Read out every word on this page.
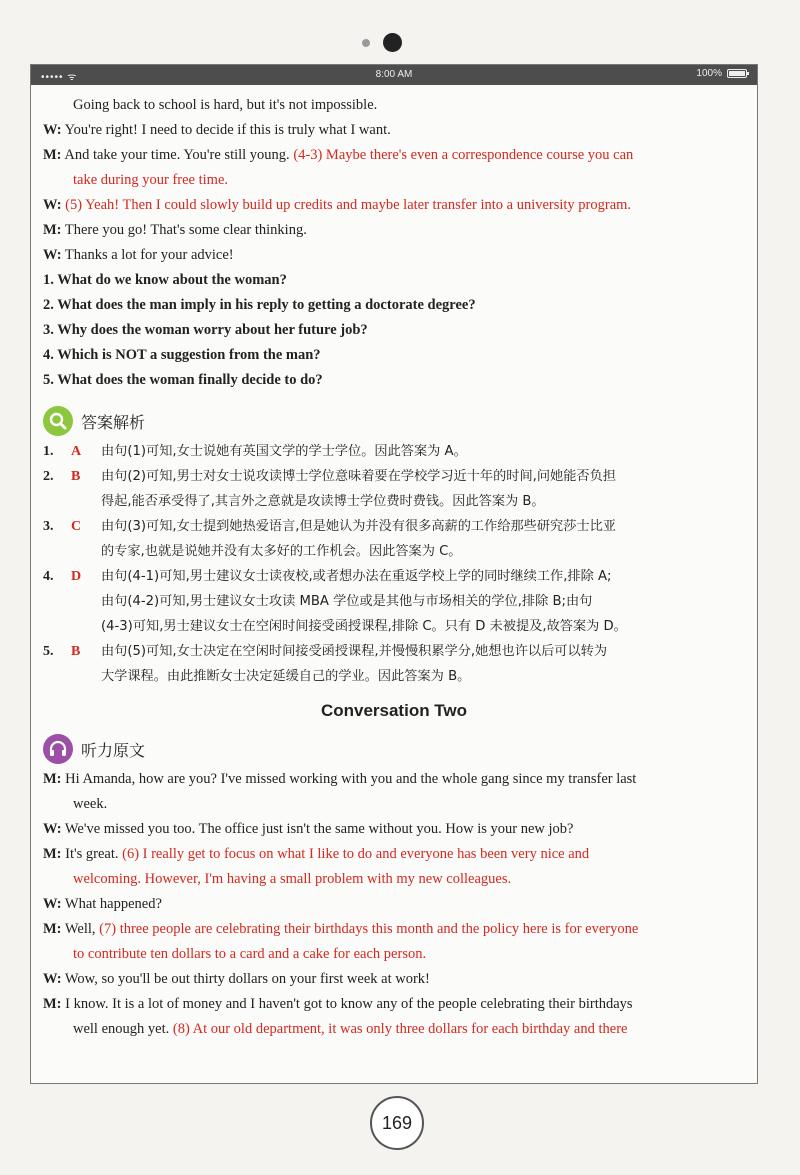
••••• ᯤ	8:00 AM	100%
Going back to school is hard, but it's not impossible.
W: You're right! I need to decide if this is truly what I want.
M: And take your time. You're still young. (4-3) Maybe there's even a correspondence course you can
take during your free time.
W: (5) Yeah! Then I could slowly build up credits and maybe later transfer into a university program.
M: There you go! That's some clear thinking.
W: Thanks a lot for your advice!
1. What do we know about the woman?
2. What does the man imply in his reply to getting a doctorate degree?
3. Why does the woman worry about her future job?
4. Which is NOT a suggestion from the man?
5. What does the woman finally decide to do?
答案解析
1.	A	由句(1)可知,女士说她有英国文学的学士学位。因此答案为 A。
2.	B	由句(2)可知,男士对女士说攻读博士学位意味着要在学校学习近十年的时间,问她能否负担
得起,能否承受得了,其言外之意就是攻读博士学位费时费钱。因此答案为 B。
3.	C	由句(3)可知,女士提到她热爱语言,但是她认为并没有很多高薪的工作给那些研究莎士比亚
的专家,也就是说她并没有太多好的工作机会。因此答案为 C。
4.	D	由句(4-1)可知,男士建议女士读夜校,或者想办法在重返学校上学的同时继续工作,排除 A;
由句(4-2)可知,男士建议女士攻读 MBA 学位或是其他与市场相关的学位,排除 B;由句
(4-3)可知,男士建议女士在空闲时间接受函授课程,排除 C。只有 D 未被提及,故答案为 D。
5.	B	由句(5)可知,女士决定在空闲时间接受函授课程,并慢慢积累学分,她想也许以后可以转为
大学课程。由此推断女士决定延缓自己的学业。因此答案为 B。
Conversation Two
听力原文
M: Hi Amanda, how are you? I've missed working with you and the whole gang since my transfer last
week.
W: We've missed you too. The office just isn't the same without you. How is your new job?
M: It's great. (6) I really get to focus on what I like to do and everyone has been very nice and
welcoming. However, I'm having a small problem with my new colleagues.
W: What happened?
M: Well, (7) three people are celebrating their birthdays this month and the policy here is for everyone
to contribute ten dollars to a card and a cake for each person.
W: Wow, so you'll be out thirty dollars on your first week at work!
M: I know. It is a lot of money and I haven't got to know any of the people celebrating their birthdays
well enough yet. (8) At our old department, it was only three dollars for each birthday and there
169
